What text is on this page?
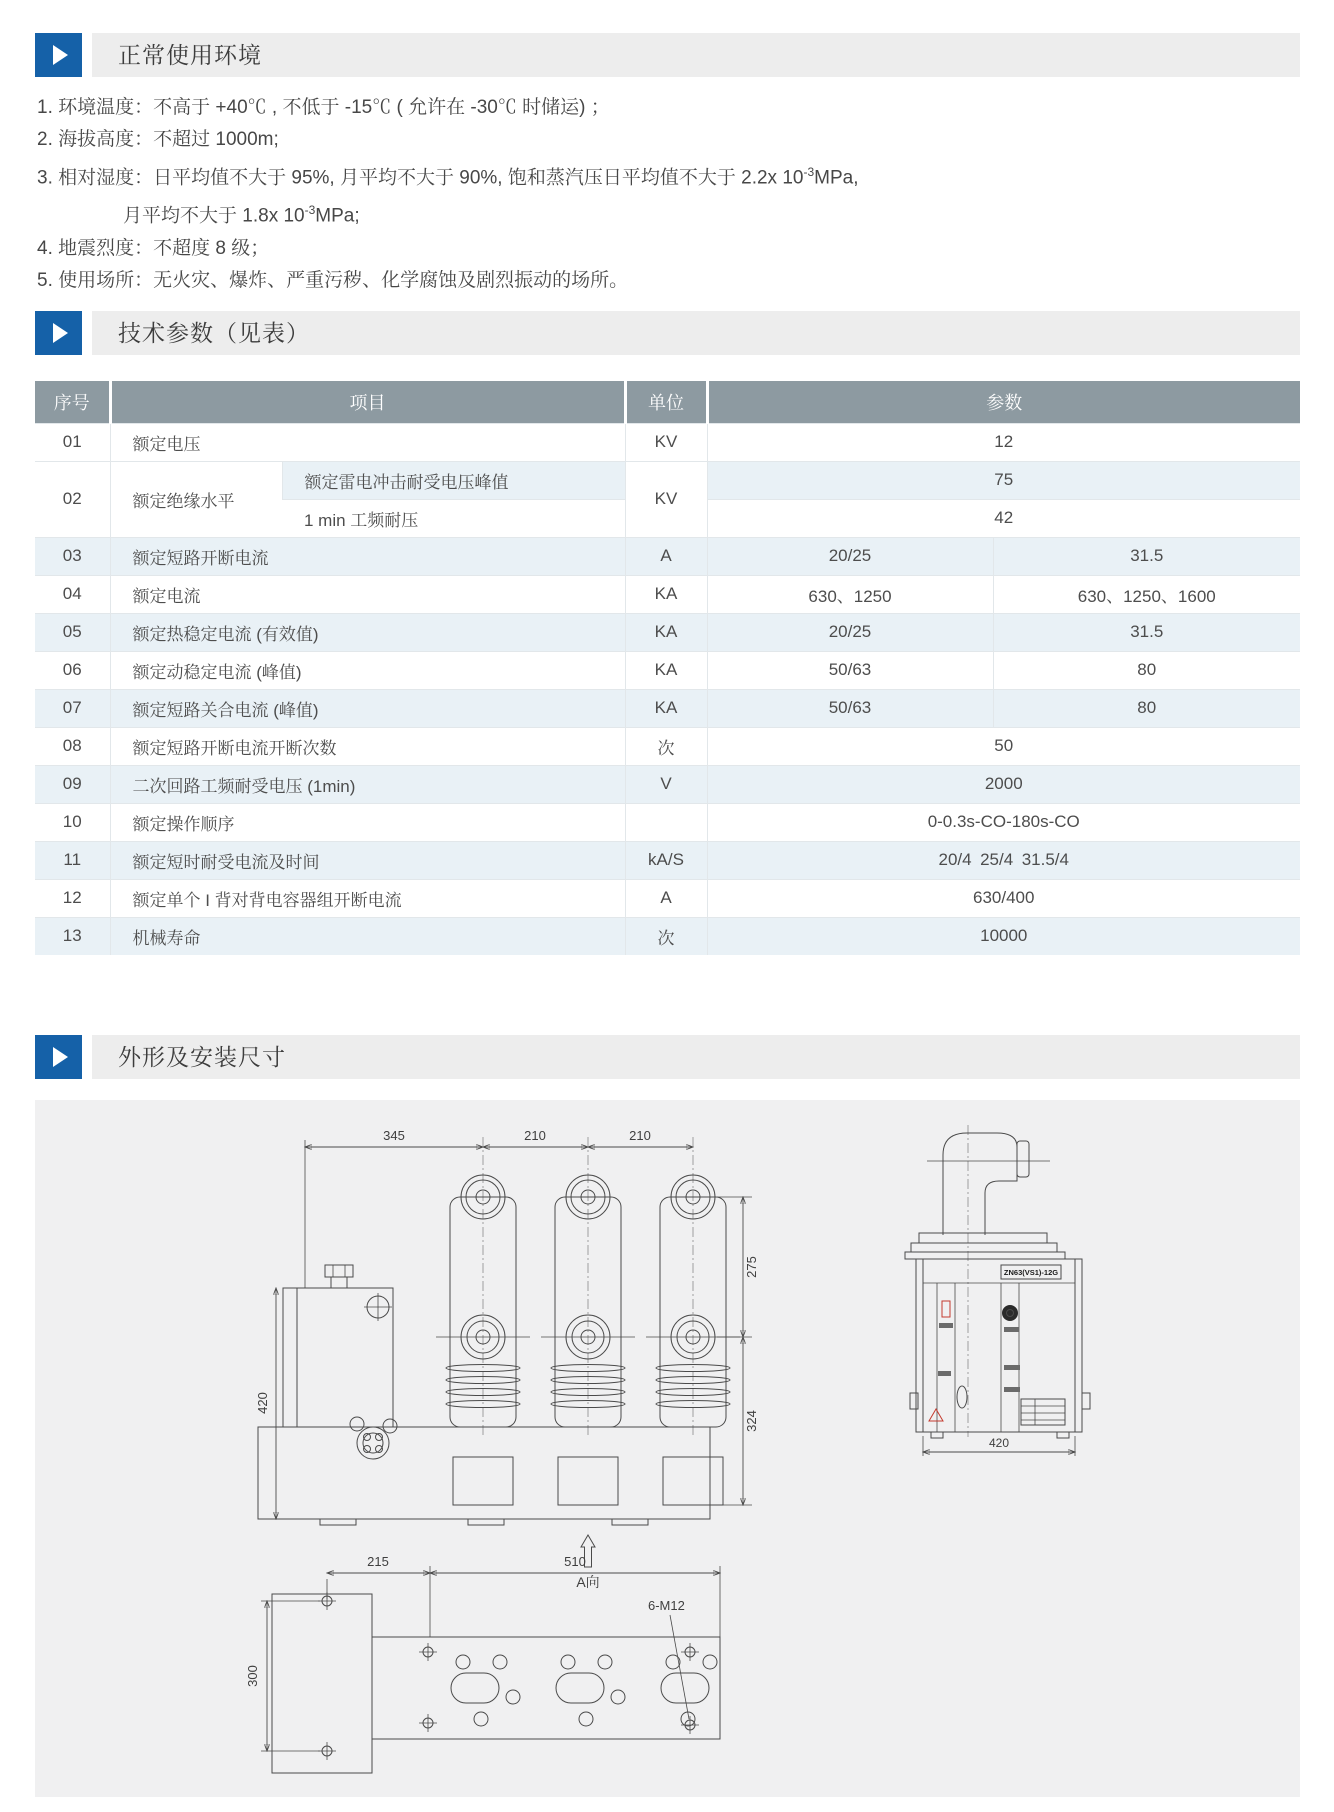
正常使用环境
1. 环境温度：不高于 +40℃ , 不低于 -15℃ ( 允许在 -30℃ 时储运) ；
2. 海拔高度：不超过 1000m;
3. 相对湿度：日平均值不大于 95%, 月平均不大于 90%, 饱和蒸汽压日平均值不大于 2.2x $10^{-3}MPa$,
月平均不大于 1.8x $10^{-3}MPa$;
4. 地震烈度：不超度 8 级；
5. 使用场所：无火灾、爆炸、严重污秽、化学腐蚀及剧烈振动的场所。
技术参数（见表）
序号	项目		单位	参数	
01	额定电压		KV	12	
02	额定绝缘水平	额定雷电冲击耐受电压峰值	KV	75	
		1 min 工频耐压		42	
03	额定短路开断电流		A	20/25	31.5
04	额定电流		KA	630、1250	630、1250、1600
05	额定热稳定电流 (有效值)		KA	20/25	31.5
06	额定动稳定电流 (峰值)		KA	50/63	80
07	额定短路关合电流 (峰值)		KA	50/63	80
08	额定短路开断电流开断次数		次	50	
09	二次回路工频耐受电压 (1min)		V	2000	
10	额定操作顺序			0-0.3s-CO-180s-CO	
11	额定短时耐受电流及时间		kA/S	20/4 25/4 31.5/4	
12	额定单个 I 背对背电容器组开断电流		A	630/400	
13	机械寿命		次	10000	
外形及安装尺寸
345	210	210
420
275
324
A向
ZN63(VS1)-12G
420
215	510
300
6-M12
